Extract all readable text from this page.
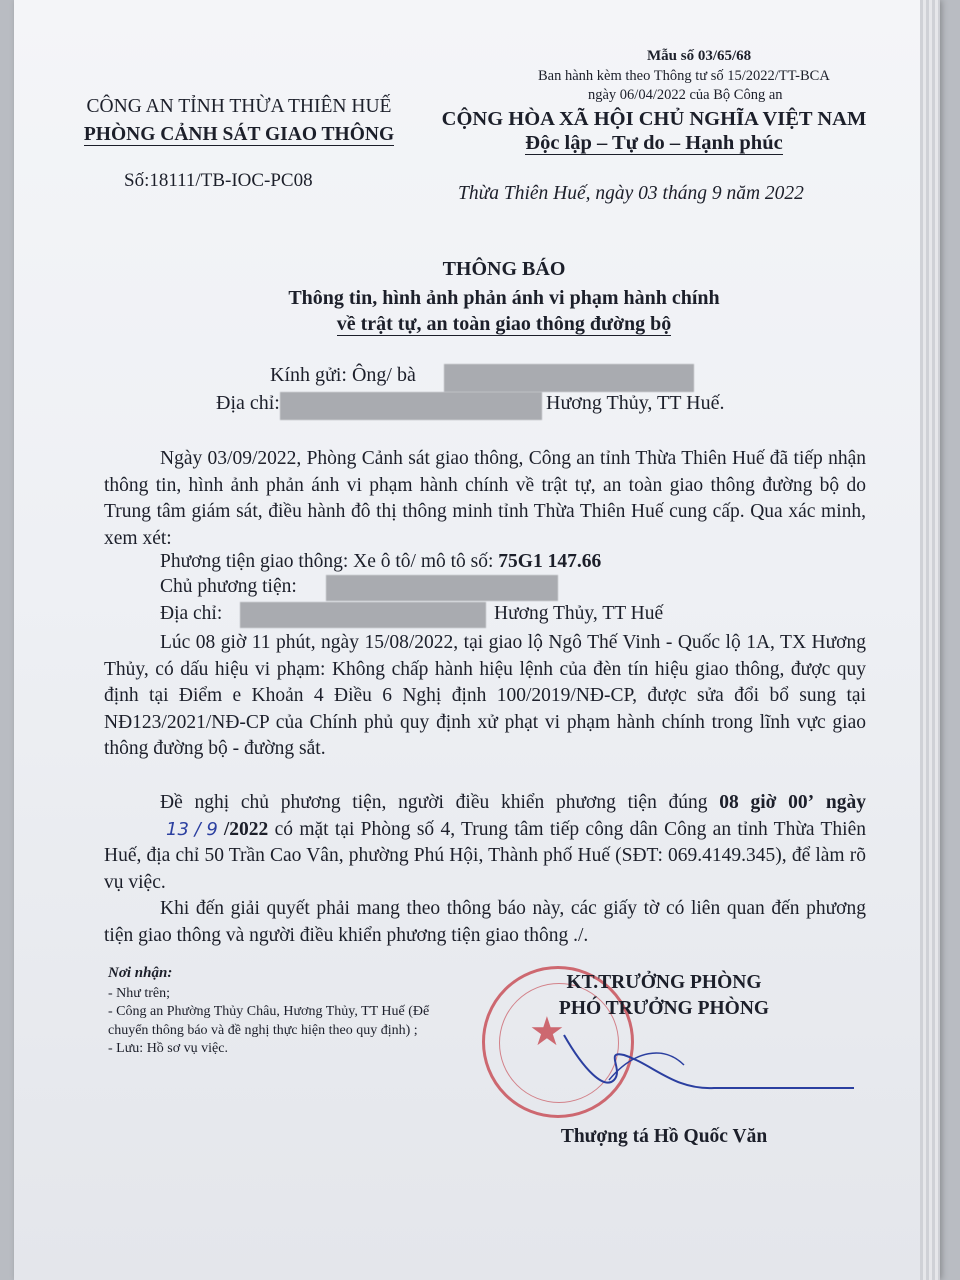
Mẫu số 03/65/68
Ban hành kèm theo Thông tư số 15/2022/TT-BCA
ngày 06/04/2022 của Bộ Công an
CÔNG AN TỈNH THỪA THIÊN HUẾ
PHÒNG CẢNH SÁT GIAO THÔNG
Số:18111/TB-IOC-PC08
CỘNG HÒA XÃ HỘI CHỦ NGHĨA VIỆT NAM
Độc lập – Tự do – Hạnh phúc
Thừa Thiên Huế, ngày 03 tháng 9 năm 2022
THÔNG BÁO
Thông tin, hình ảnh phản ánh vi phạm hành chính
về trật tự, an toàn giao thông đường bộ
Kính gửi: Ông/ bà
Địa chỉ:	Hương Thủy, TT Huế.

Ngày 03/09/2022, Phòng Cảnh sát giao thông, Công an tỉnh Thừa Thiên Huế đã tiếp nhận thông tin, hình ảnh phản ánh vi phạm hành chính về trật tự, an toàn giao thông đường bộ do Trung tâm giám sát, điều hành đô thị thông minh tỉnh Thừa Thiên Huế cung cấp. Qua xác minh, xem xét:

Phương tiện giao thông: Xe ô tô/ mô tô số: 75G1 147.66
Chủ phương tiện:
Địa chỉ:	Hương Thủy, TT Huế

Lúc 08 giờ 11 phút, ngày 15/08/2022, tại giao lộ Ngô Thế Vinh - Quốc lộ 1A, TX Hương Thủy, có dấu hiệu vi phạm: Không chấp hành hiệu lệnh của đèn tín hiệu giao thông, được quy định tại Điểm e Khoản 4 Điều 6 Nghị định 100/2019/NĐ-CP, được sửa đổi bổ sung tại NĐ123/2021/NĐ-CP của Chính phủ quy định xử phạt vi phạm hành chính trong lĩnh vực giao thông đường bộ - đường sắt.

Đề nghị chủ phương tiện, người điều khiển phương tiện đúng 08 giờ 00’ ngày 13 / 9 /2022 có mặt tại Phòng số 4, Trung tâm tiếp công dân Công an tỉnh Thừa Thiên Huế, địa chỉ 50 Trần Cao Vân, phường Phú Hội, Thành phố Huế (SĐT: 069.4149.345), để làm rõ vụ việc.

Khi đến giải quyết phải mang theo thông báo này, các giấy tờ có liên quan đến phương tiện giao thông và người điều khiển phương tiện giao thông ./.

Nơi nhận:
- Như trên;
- Công an Phường Thủy Châu, Hương Thủy, TT Huế (Để chuyển thông báo và đề nghị thực hiện theo quy định) ;
- Lưu: Hồ sơ vụ việc.	★
KT.TRƯỞNG PHÒNG
PHÓ TRƯỞNG PHÒNG
Thượng tá Hồ Quốc Văn
